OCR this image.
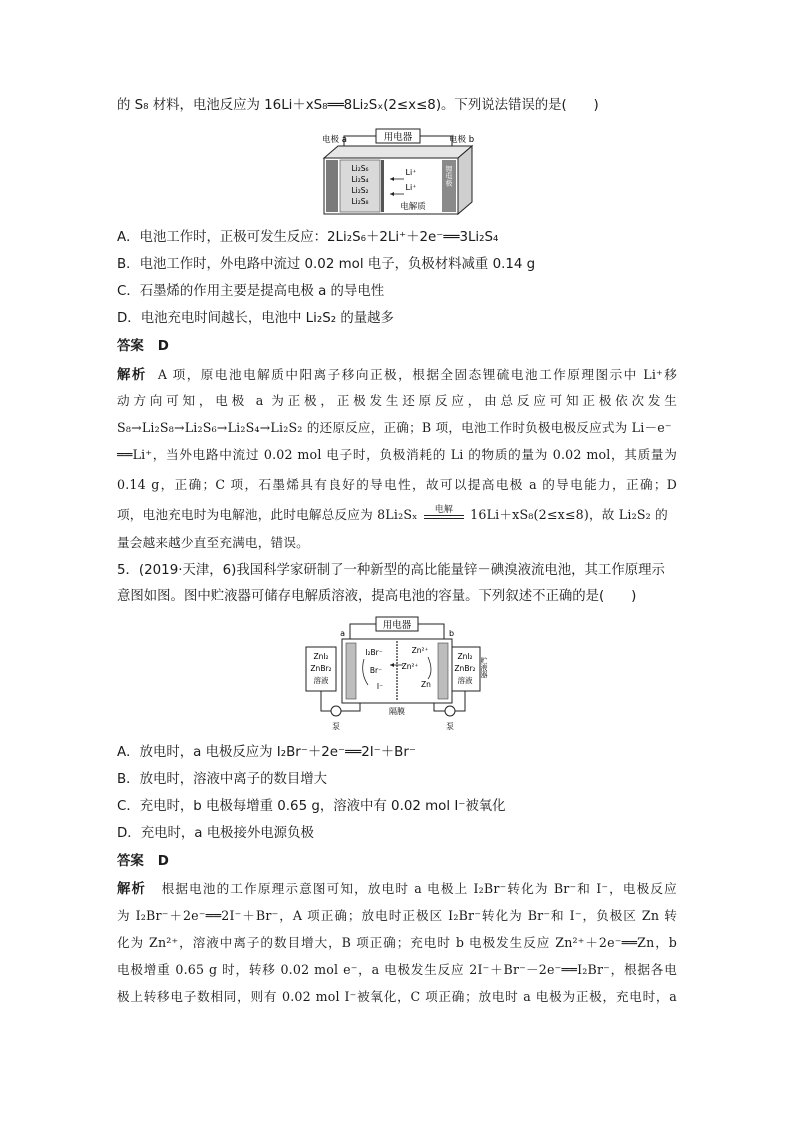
的 S₈ 材料，电池反应为 16Li＋xS₈══8Li₂Sₓ(2≤x≤8)。下列说法错误的是(　　)
用电器
电极 a	电极 b
Li₂S₆
Li₂S₄
Li₂S₂
Li₂S₈
Li⁺
Li⁺
电解质
锂电极
A．电池工作时，正极可发生反应：2Li₂S₆＋2Li⁺＋2e⁻══3Li₂S₄
B．电池工作时，外电路中流过 0.02 mol 电子，负极材料减重 0.14 g
C．石墨烯的作用主要是提高电极 a 的导电性
D．电池充电时间越长，电池中 Li₂S₂ 的量越多
答案 D
解析 A 项，原电池电解质中阳离子移向正极，根据全固态锂硫电池工作原理图示中 Li⁺移
动方向可知，电极 a 为正极，正极发生还原反应，由总反应可知正极依次发生
S₈→Li₂S₈→Li₂S₆→Li₂S₄→Li₂S₂ 的还原反应，正确；B 项，电池工作时负极电极反应式为 Li－e⁻
══Li⁺，当外电路中流过 0.02 mol 电子时，负极消耗的 Li 的物质的量为 0.02 mol，其质量为
0.14 g，正确；C 项，石墨烯具有良好的导电性，故可以提高电极 a 的导电能力，正确；D
项，电池充电时为电解池，此时电解总反应为 8Li₂Sₓ	电解	16Li＋xS₈(2≤x≤8)，故 Li₂S₂ 的
量会越来越少直至充满电，错误。
5．(2019·天津，6)我国科学家研制了一种新型的高比能量锌－碘溴液流电池，其工作原理示
意图如图。图中贮液器可储存电解质溶液，提高电池的容量。下列叙述不正确的是(　　)
用电器
a	b
ZnI₂
ZnBr₂
溶液
ZnI₂
ZnBr₂
溶液
贮液器
I₂Br⁻
Br⁻
I⁻
Zn²⁺
Zn²⁺
Zn
隔膜
泵	泵
A．放电时，a 电极反应为 I₂Br⁻＋2e⁻══2I⁻＋Br⁻
B．放电时，溶液中离子的数目增大
C．充电时，b 电极每增重 0.65 g，溶液中有 0.02 mol I⁻被氧化
D．充电时，a 电极接外电源负极
答案 D
解析 根据电池的工作原理示意图可知，放电时 a 电极上 I₂Br⁻转化为 Br⁻和 I⁻，电极反应
为 I₂Br⁻＋2e⁻══2I⁻＋Br⁻，A 项正确；放电时正极区 I₂Br⁻转化为 Br⁻和 I⁻，负极区 Zn 转
化为 Zn²⁺，溶液中离子的数目增大，B 项正确；充电时 b 电极发生反应 Zn²⁺＋2e⁻══Zn，b
电极增重 0.65 g 时，转移 0.02 mol e⁻，a 电极发生反应 2I⁻＋Br⁻－2e⁻══I₂Br⁻，根据各电
极上转移电子数相同，则有 0.02 mol I⁻被氧化，C 项正确；放电时 a 电极为正极，充电时，a
